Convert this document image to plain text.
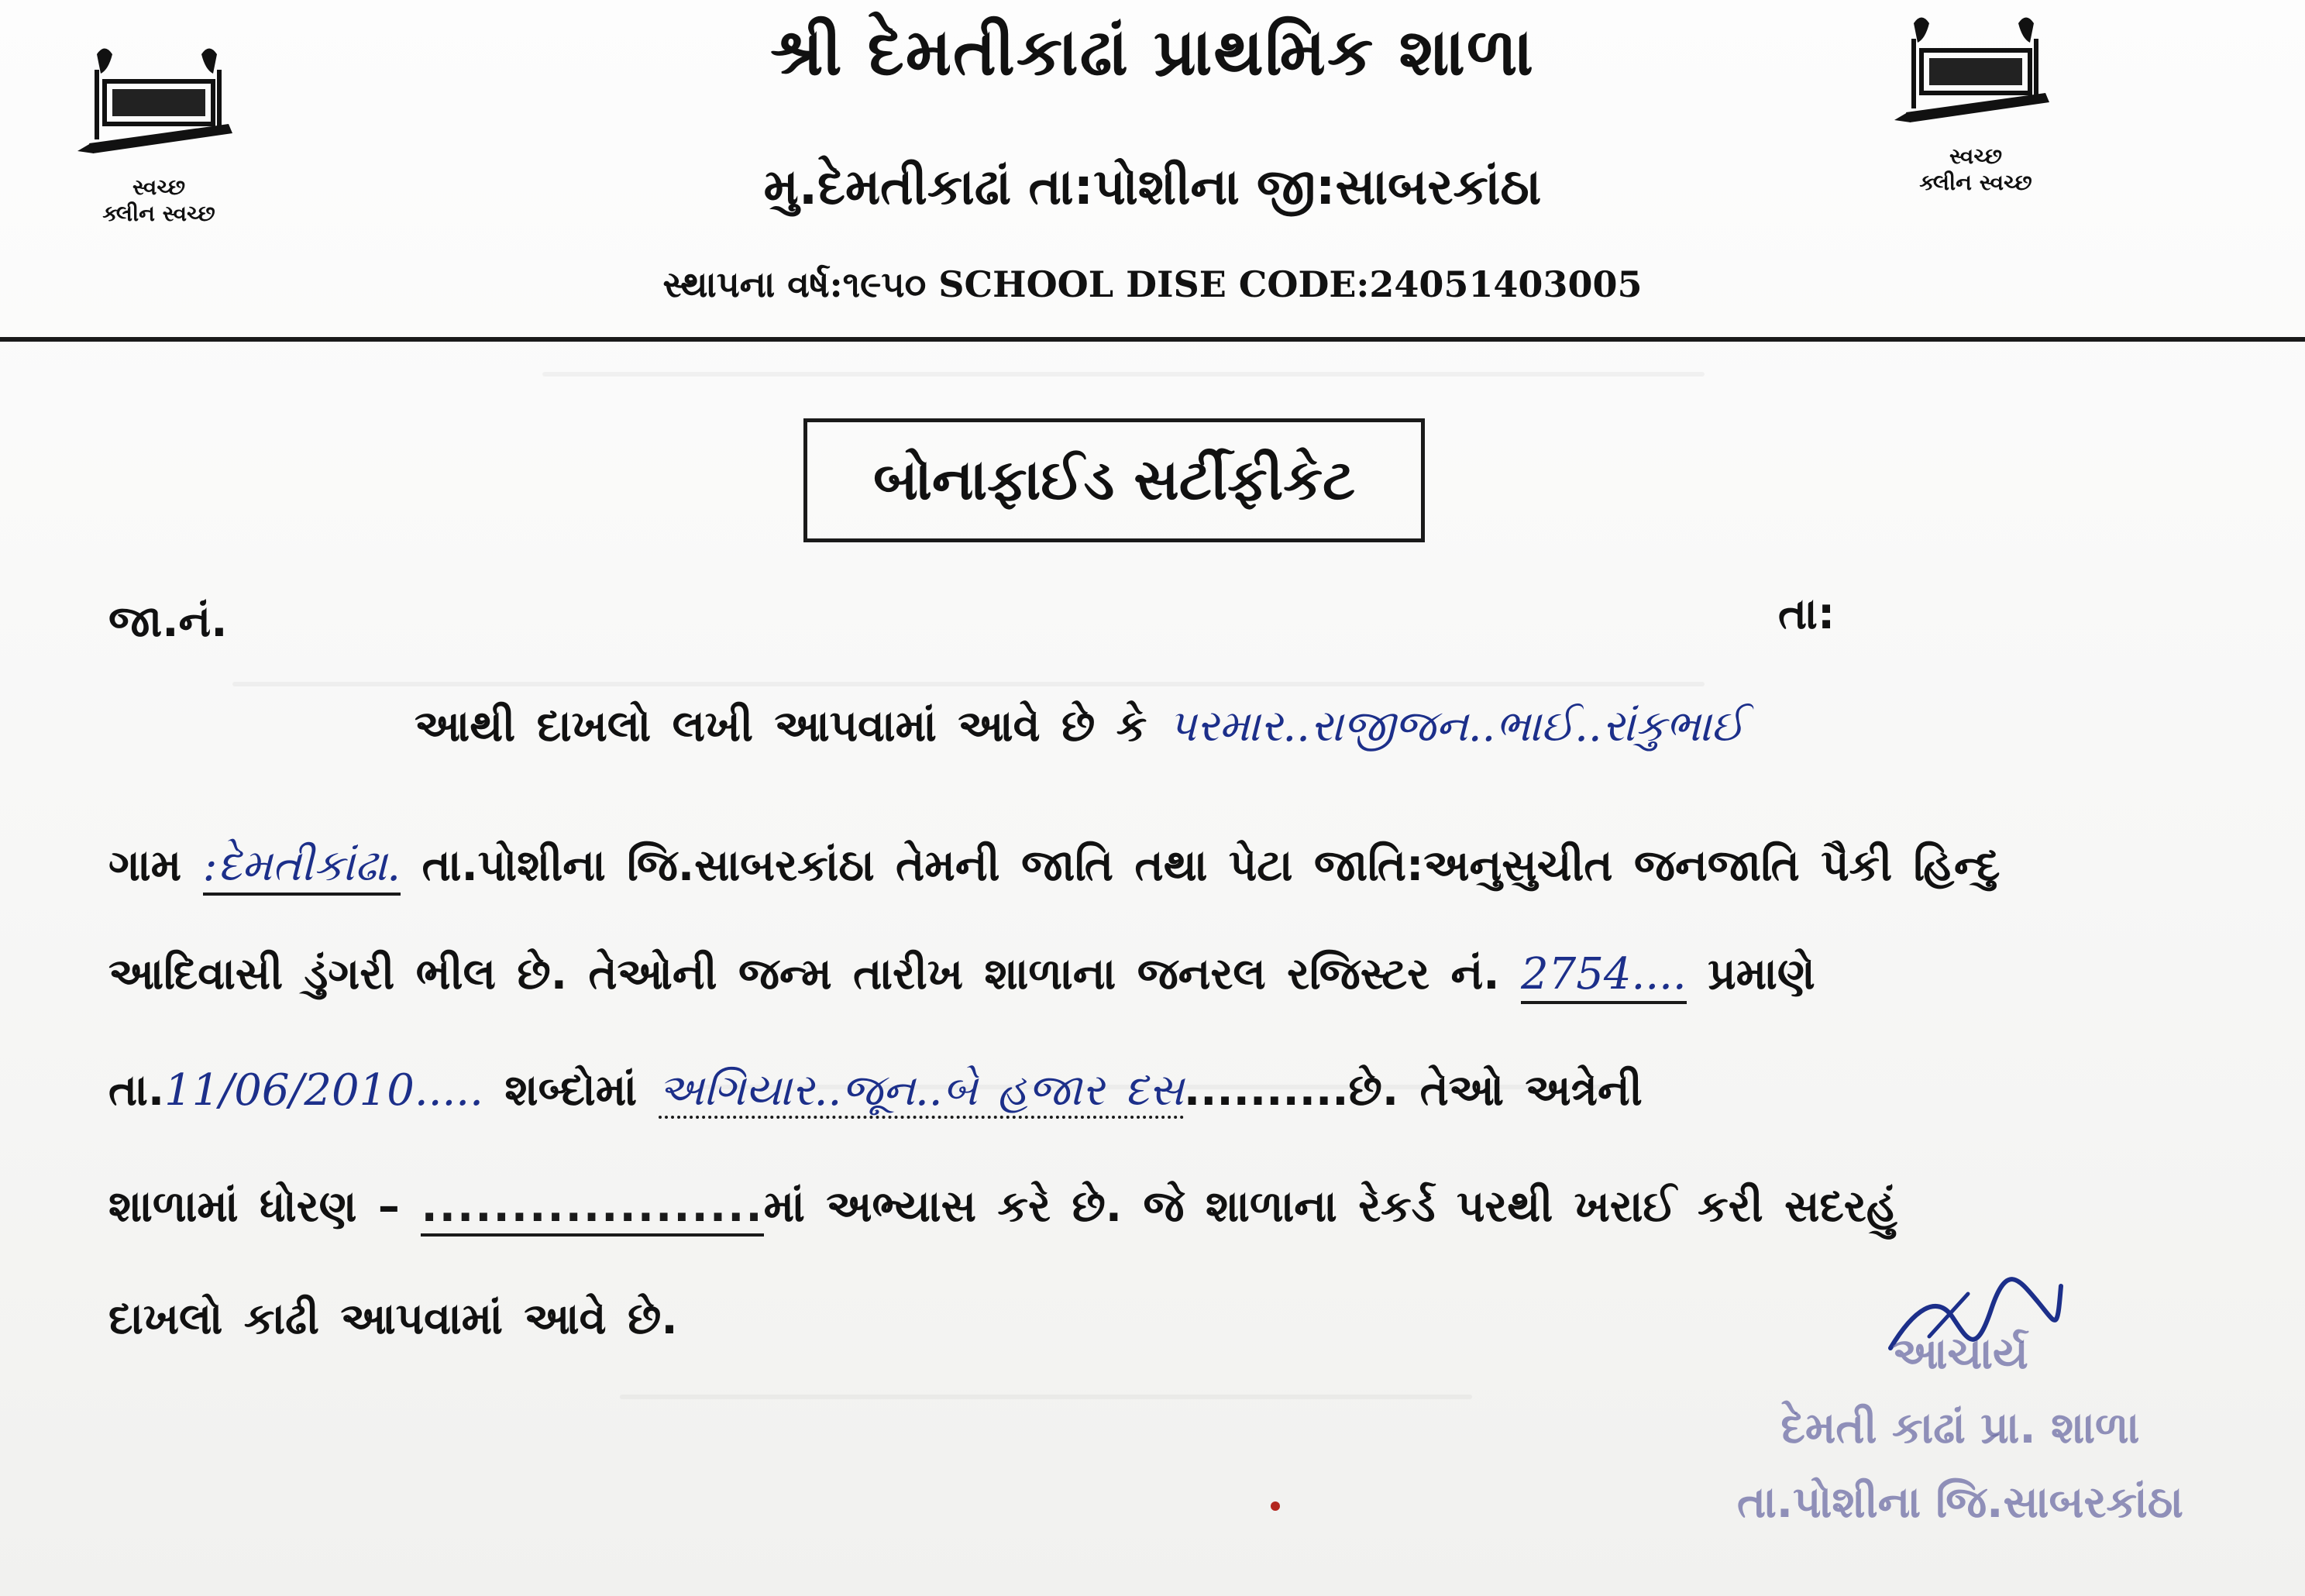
સ્વચ્છ
ક્લીન સ્વચ્છ
સ્વચ્છ
ક્લીન સ્વચ્છ
શ્રી દેમતીકાઢાં પ્રાથમિક શાળા
મુ.દેમતીકાઢાં તા:પોશીના જી:સાબરકાંઠા
સ્થાપના વર્ષ:૧૯૫૦ SCHOOL DISE CODE:24051403005
બોનાફાઈડ સર્ટીફીકેટ
જા.નં.	તા:
આથી દાખલો લખી આપવામાં આવે છે કે પરમાર..રાજીજન..ભાઈ..રાંકુભાઈ
ગામ :દેમતીકાંઢા. તા.પોશીના જિ.સાબરકાંઠા તેમની જાતિ તથા પેટા જાતિ:અનુસુચીત જનજાતિ પૈકી હિન્દુ
આદિવાસી ડુંગરી ભીલ છે. તેઓની જન્મ તારીખ શાળાના જનરલ રજિસ્ટર નં. 2754.... પ્રમાણે
તા.11/06/2010..... શબ્દોમાં અગિયાર..જૂન..બે હજાર દસ..........છે. તેઓ અત્રેની
શાળામાં ધોરણ – ...................માં અભ્યાસ કરે છે. જે શાળાના રેકર્ડ પરથી ખરાઈ કરી સદરહું
દાખલો કાઢી આપવામાં આવે છે.
આચાર્ય
દેમતી કાઢાં પ્રા. શાળા
તા.પોશીના જિ.સાબરકાંઠા
